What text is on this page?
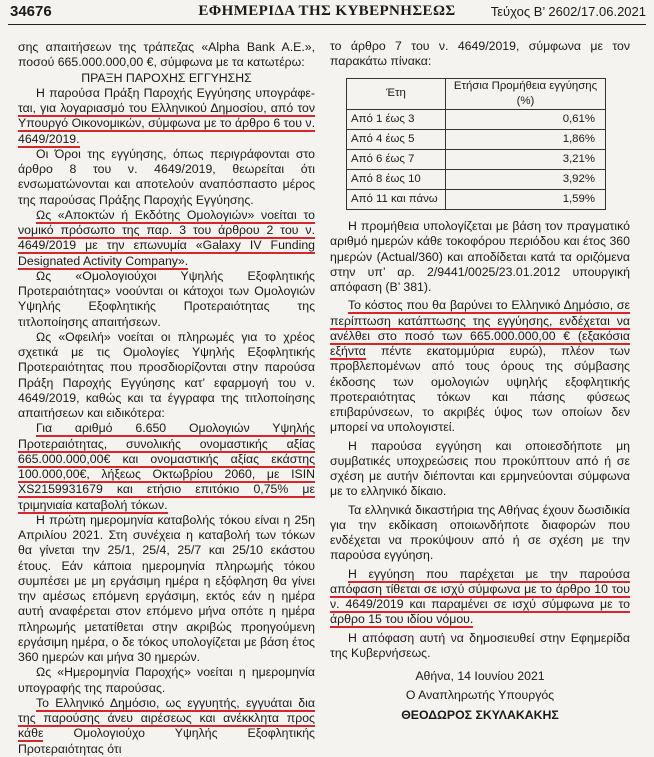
34676	ΕΦΗΜΕΡΙΔΑ ΤΗΣ ΚΥΒΕΡΝΗΣΕΩΣ	Τεύχος Β’ 2602/17.06.2021

σης απαιτήσεων της τράπεζας «Alpha Bank A.E.», ποσού 665.000.000,00 €, σύμφωνα με τα κατωτέρω:

ΠΡΑΞΗ ΠΑΡΟΧΗΣ ΕΓΓΥΗΣΗΣ

Η παρούσα Πράξη Παροχής Εγγύησης υπογράφε- ται, για λογαριασμό του Ελληνικού Δημοσίου, από τον Υπουργό Οικονομικών, σύμφωνα με το άρθρο 6 του ν. 4649/2019.

Οι Όροι της εγγύησης, όπως περιγράφονται στο άρθρο 8 του ν. 4649/2019, θεωρείται ότι ενσωματώνονται και αποτελούν αναπόσπαστο μέρος της παρούσας Πράξης Παροχής Εγγύησης.

Ως «Αποκτών ή Εκδότης Ομολογιών» νοείται το νομικό πρόσωπο της παρ. 3 του άρθρου 2 του ν. 4649/2019 με την επωνυμία «Galaxy IV Funding Designated Activity Company».

Ως «Ομολογιούχοι Υψηλής Εξοφλητικής Προτεραιότητας» νοούνται οι κάτοχοι των Ομολογιών Υψηλής Εξοφλητικής Προτεραιότητας της τιτλοποίησης απαιτήσεων.

Ως «Οφειλή» νοείται οι πληρωμές για το χρέος σχετικά με τις Ομολογίες Υψηλής Εξοφλητικής Προτεραιότητας που προσδιορίζονται στην παρούσα Πράξη Παροχής Εγγύησης κατ’ εφαρμογή του ν. 4649/2019, καθώς και τα έγγραφα της τιτλοποίησης απαιτήσεων και ειδικότερα:

Για αριθμό 6.650 Ομολογιών Υψηλής Προτεραιότητας, συνολικής ονομαστικής αξίας 665.000.000,00€ και ονομαστικής αξίας εκάστης 100.000,00€, λήξεως Οκτωβρίου 2060, με ISIN XS2159931679 και ετήσιο επιτόκιο 0,75% με τριμηνιαία καταβολή τόκων.

Η πρώτη ημερομηνία καταβολής τόκου είναι η 25η Απριλίου 2021. Στη συνέχεια η καταβολή των τόκων θα γίνεται την 25/1, 25/4, 25/7 και 25/10 εκάστου έτους. Εάν κάποια ημερομηνία πληρωμής τόκου συμπέσει με μη εργάσιμη ημέρα η εξόφληση θα γίνει την αμέσως επόμενη εργάσιμη, εκτός εάν η ημέρα αυτή αναφέρεται στον επόμενο μήνα οπότε η ημέρα πληρωμής μετατίθεται στην ακριβώς προηγούμενη εργάσιμη ημέρα, ο δε τόκος υπολογίζεται με βάση έτος 360 ημερών και μήνα 30 ημερών.

Ως «Ημερομηνία Παροχής» νοείται η ημερομηνία υπογραφής της παρούσας.

Το Ελληνικό Δημόσιο, ως εγγυητής, εγγυάται δια της παρούσης άνευ αιρέσεως και ανέκκλητα προς κάθε Ομολογιούχο Υψηλής Εξοφλητικής Προτεραιότητας ότι

το άρθρο 7 του ν. 4649/2019, σύμφωνα με τον παρακάτω πίνακα:

Έτη	Ετήσια Προμήθεια εγγύησης (%)
Από 1 έως 3	0,61%
Από 4 έως 5	1,86%
Από 6 έως 7	3,21%
Από 8 έως 10	3,92%
Από 11 και πάνω	1,59%

Η προμήθεια υπολογίζεται με βάση τον πραγματικό αριθμό ημερών κάθε τοκοφόρου περιόδου και έτος 360 ημερών (Actual/360) και αποδίδεται κατά τα οριζόμενα στην υπ’ αρ. 2/9441/0025/23.01.2012 υπουργική απόφαση (Β’ 381).

Το κόστος που θα βαρύνει το Ελληνικό Δημόσιο, σε περίπτωση κατάπτωσης της εγγύησης, ενδέχεται να ανέλθει στο ποσό των 665.000.000,00 € (εξακόσια εξήντα πέντε εκατομμύρια ευρώ), πλέον των προβλεπομένων από τους όρους της σύμβασης έκδοσης των ομολογιών υψηλής εξοφλητικής προτεραιότητας τόκων και πάσης φύσεως επιβαρύνσεων, το ακριβές ύψος των οποίων δεν μπορεί να υπολογιστεί.

Η παρούσα εγγύηση και οποιεσδήποτε μη συμβατικές υποχρεώσεις που προκύπτουν από ή σε σχέση με αυτήν διέπονται και ερμηνεύονται σύμφωνα με το ελληνικό δίκαιο.

Τα ελληνικά δικαστήρια της Αθήνας έχουν δωσιδικία για την εκδίκαση οποιωνδήποτε διαφορών που ενδέχεται να προκύψουν από ή σε σχέση με την παρούσα εγγύηση.

Η εγγύηση που παρέχεται με την παρούσα απόφαση τίθεται σε ισχύ σύμφωνα με το άρθρο 10 του ν. 4649/2019 και παραμένει σε ισχύ σύμφωνα με το άρθρο 15 του ιδίου νόμου.

Η απόφαση αυτή να δημοσιευθεί στην Εφημερίδα της Κυβερνήσεως.

Αθήνα, 14 Ιουνίου 2021

Ο Αναπληρωτής Υπουργός

ΘΕΟΔΩΡΟΣ ΣΚΥΛΑΚΑΚΗΣ
